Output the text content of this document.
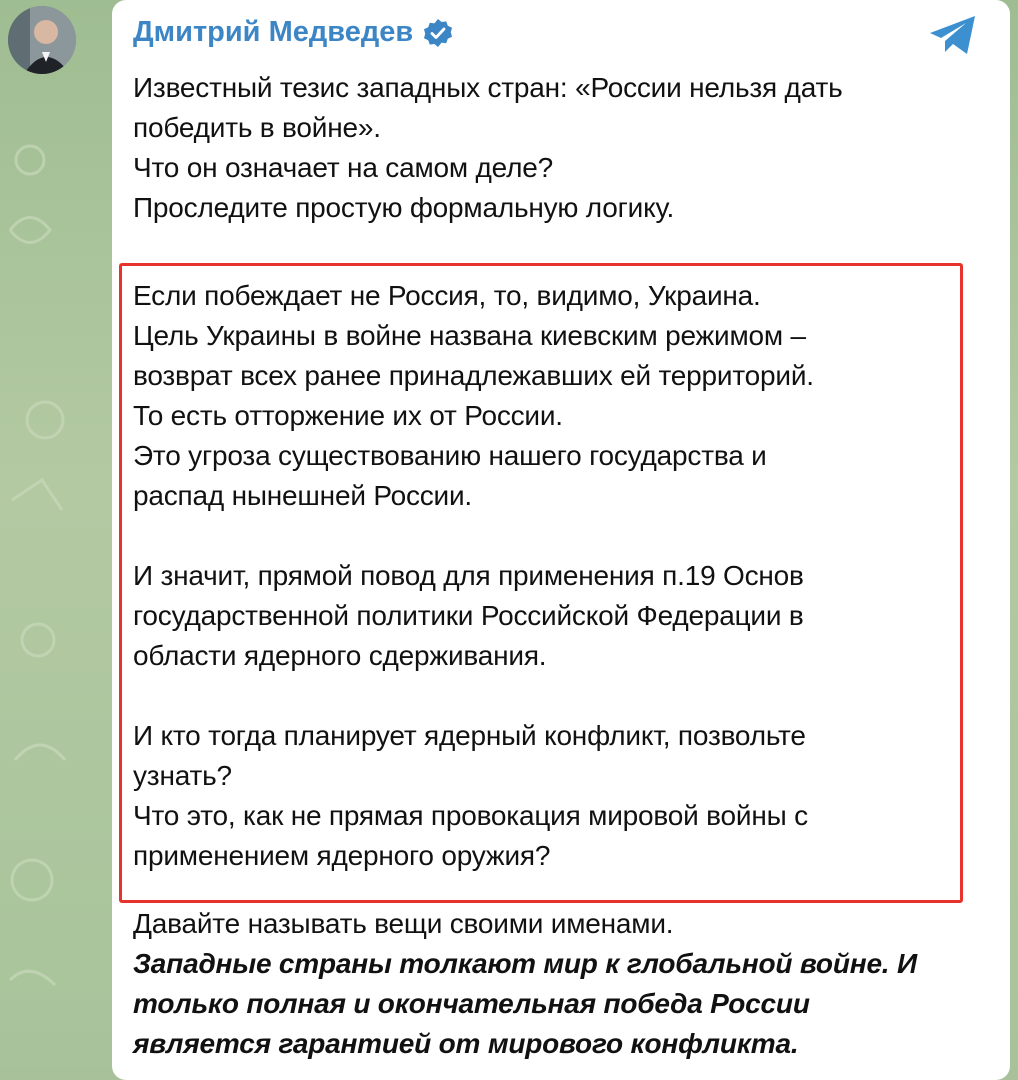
Дмитрий Медведев

Известный тезис западных стран: «России нельзя дать

победить в войне».

Что он означает на самом деле?

Проследите простую формальную логику.

Если побеждает не Россия, то, видимо, Украина.

Цель Украины в войне названа киевским режимом –

возврат всех ранее принадлежавших ей территорий.

То есть отторжение их от России.

Это угроза существованию нашего государства и

распад нынешней России.

И значит, прямой повод для применения п.19 Основ

государственной политики Российской Федерации в

области ядерного сдерживания.

И кто тогда планирует ядерный конфликт, позвольте

узнать?

Что это, как не прямая провокация мировой войны с

применением ядерного оружия?

Давайте называть вещи своими именами.

Западные страны толкают мир к глобальной войне. И

только полная и окончательная победа России

является гарантией от мирового конфликта.
